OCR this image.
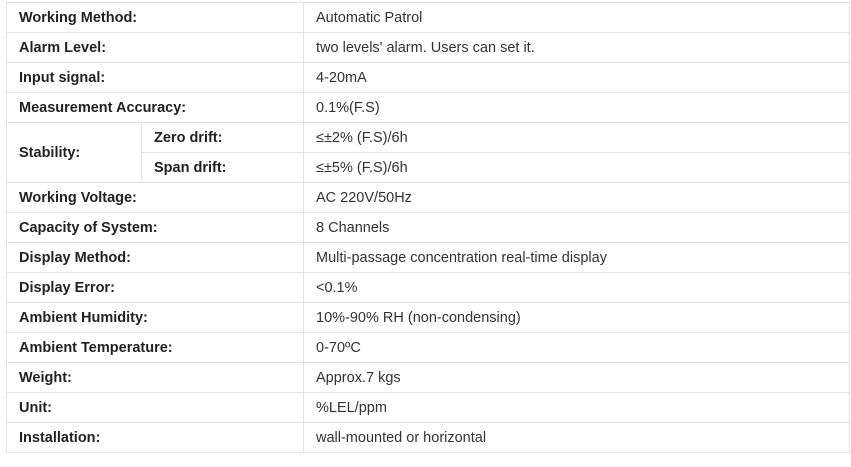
Working Method:		Automatic Patrol
Alarm Level:		two levels' alarm. Users can set it.
Input signal:		4-20mA
Measurement Accuracy:		0.1%(F.S)
Stability:	Zero drift:	≤±2% (F.S)/6h
	Span drift:	≤±5% (F.S)/6h
Working Voltage:		AC 220V/50Hz
Capacity of System:		8 Channels
Display Method:		Multi-passage concentration real-time display
Display Error:		<0.1%
Ambient Humidity:		10%-90% RH (non-condensing)
Ambient Temperature:		0-70ºC
Weight:		Approx.7 kgs
Unit:		%LEL/ppm
Installation:		wall-mounted or horizontal
